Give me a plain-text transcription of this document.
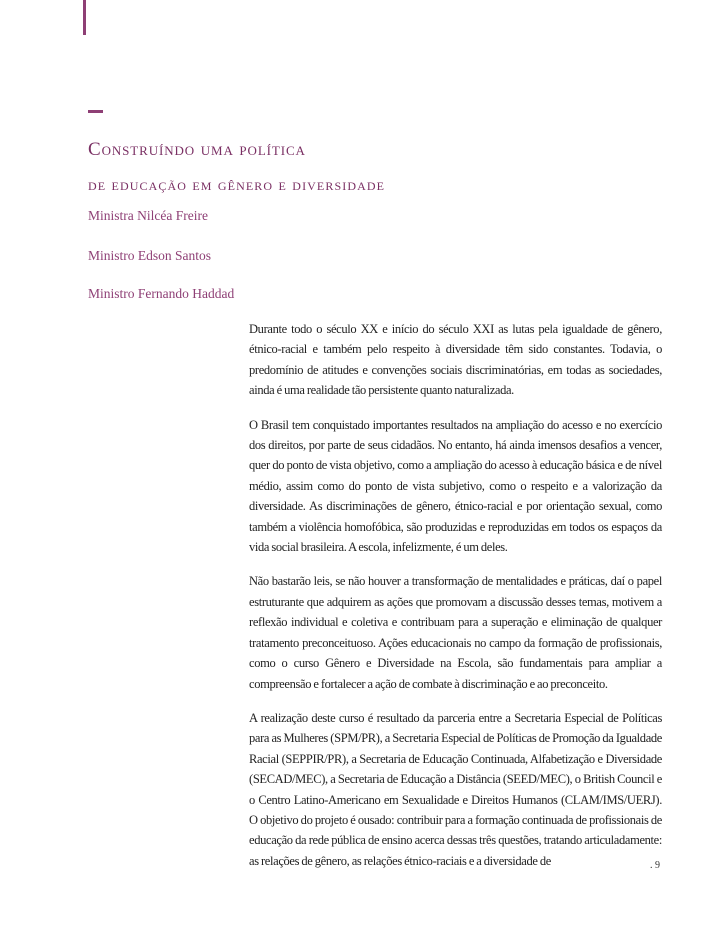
Construíndo uma política
de educação em gênero e diversidade

Ministra Nilcéa Freire

Ministro Edson Santos

Ministro Fernando Haddad

Durante todo o século XX e início do século XXI as lutas pela igualdade de gênero, étnico-racial e também pelo respeito à diversidade têm sido constantes. Todavia, o predomínio de atitudes e convenções sociais discriminatórias, em todas as sociedades, ainda é uma realidade tão persistente quanto naturalizada.

O Brasil tem conquistado importantes resultados na ampliação do acesso e no exercício dos direitos, por parte de seus cidadãos. No entanto, há ainda imensos desafios a vencer, quer do ponto de vista objetivo, como a ampliação do acesso à educação básica e de nível médio, assim como do ponto de vista subjetivo, como o respeito e a valorização da diversidade. As discriminações de gênero, étnico-racial e por orientação sexual, como também a violência homofóbica, são produzidas e reproduzidas em todos os espaços da vida social brasileira. A escola, infelizmente, é um deles.

Não bastarão leis, se não houver a transformação de mentalidades e práticas, daí o papel estruturante que adquirem as ações que promovam a discussão desses temas, motivem a reflexão individual e coletiva e contribuam para a superação e eliminação de qualquer tratamento preconceituoso. Ações educacionais no campo da formação de profissionais, como o curso Gênero e Diversidade na Escola, são fundamentais para ampliar a compreensão e fortalecer a ação de combate à discriminação e ao preconceito.

A realização deste curso é resultado da parceria entre a Secretaria Especial de Políticas para as Mulheres (SPM/PR), a Secretaria Especial de Políticas de Promoção da Igualdade Racial (SEPPIR/PR), a Secretaria de Educação Continuada, Alfabetização e Diversidade (SECAD/MEC), a Secretaria de Educação a Distância (SEED/MEC), o British Council e o Centro Latino-Americano em Sexualidade e Direitos Humanos (CLAM/IMS/UERJ). O objetivo do projeto é ousado: contribuir para a formação continuada de profissionais de educação da rede pública de ensino acerca dessas três questões, tratando articuladamente: as relações de gênero, as relações étnico-raciais e a diversidade de	. 9
